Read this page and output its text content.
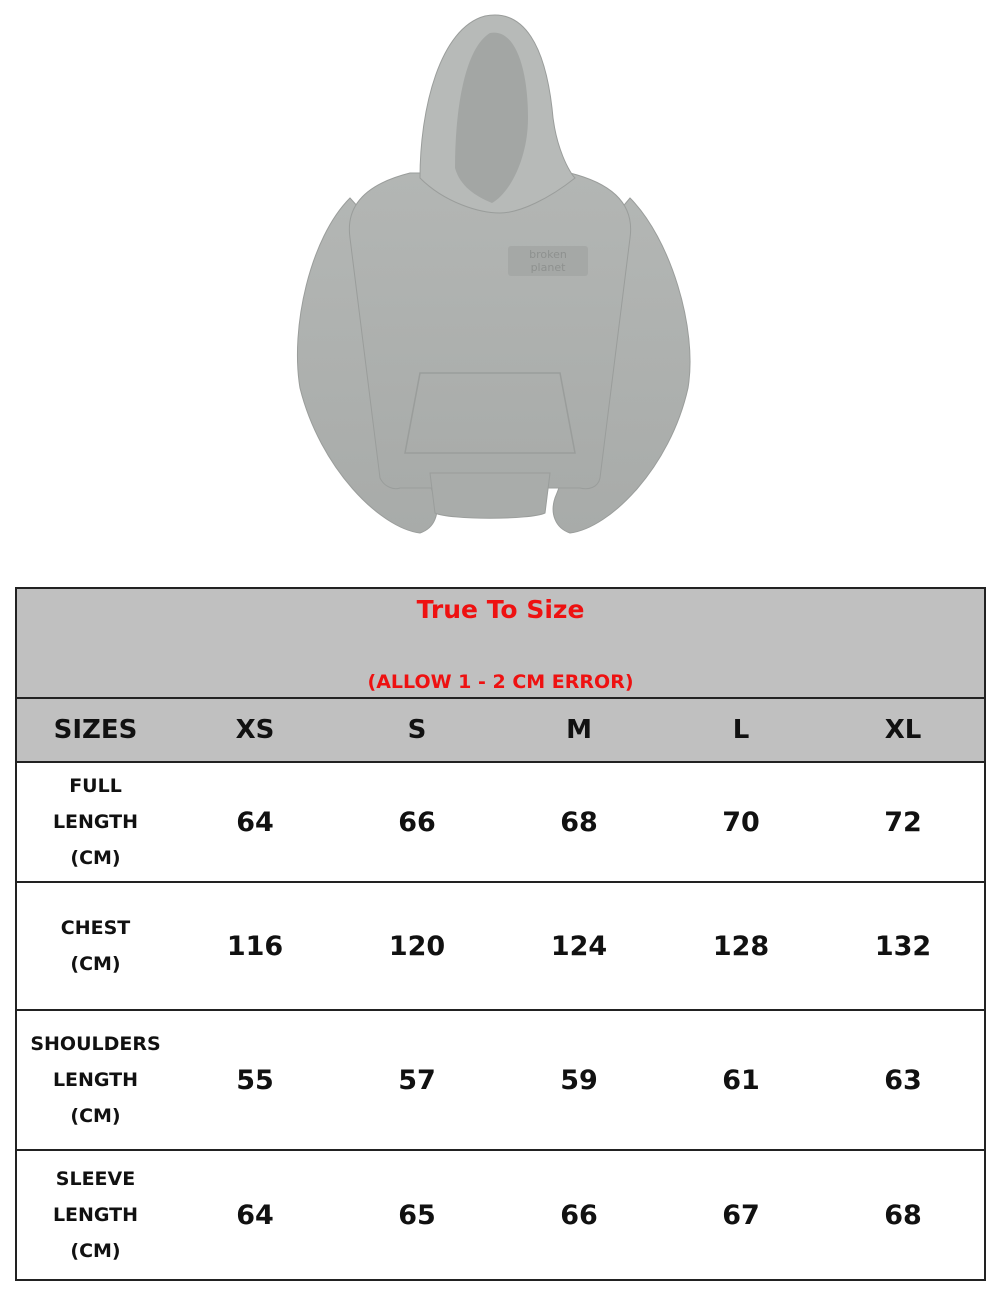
broken
planet
True To Size
(ALLOW 1 - 2 CM ERROR)					

SIZES	XS	S	M	L	XL

FULL
LENGTH
(CM)	64	66	68	70	72

CHEST
(CM)	116	120	124	128	132

SHOULDERS
LENGTH
(CM)	55	57	59	61	63

SLEEVE
LENGTH
(CM)	64	65	66	67	68
